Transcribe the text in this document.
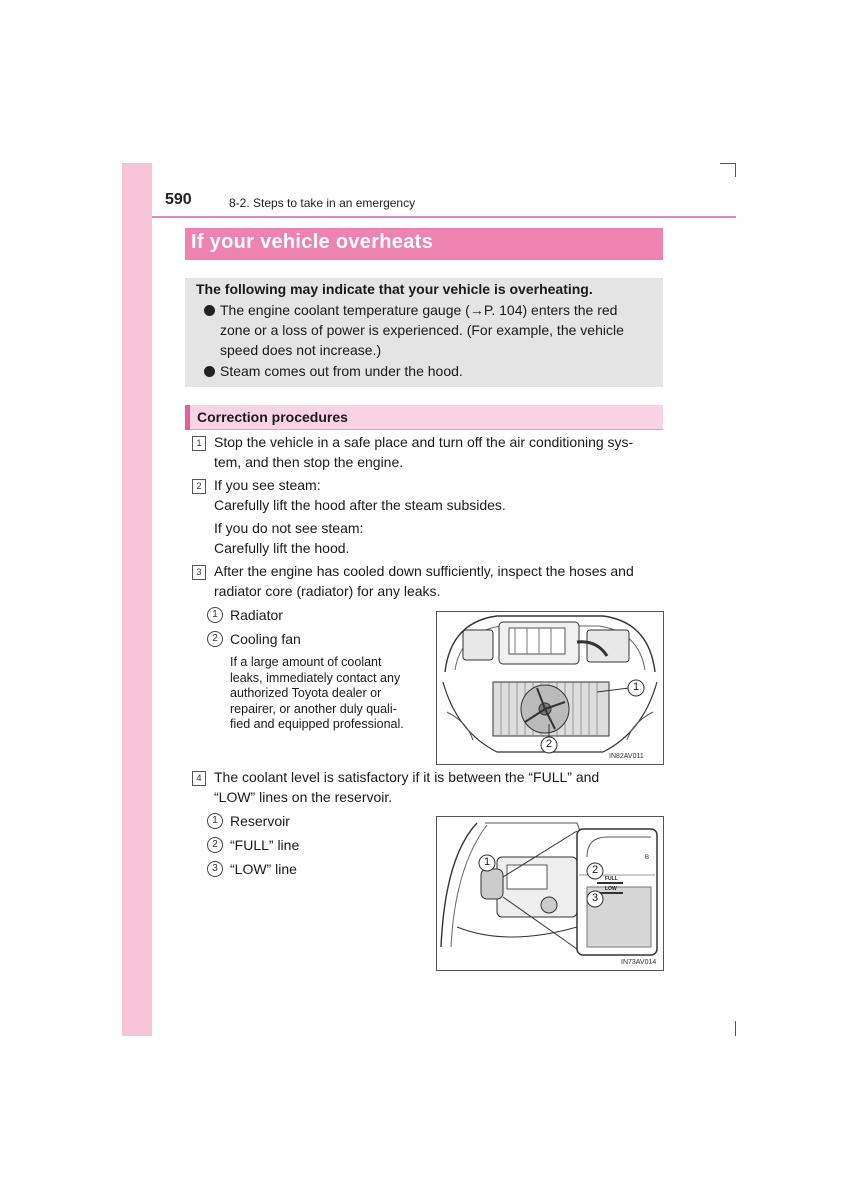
590	8-2. Steps to take in an emergency
If your vehicle overheats
The following may indicate that your vehicle is overheating.
The engine coolant temperature gauge (→P. 104) enters the red
zone or a loss of power is experienced. (For example, the vehicle
speed does not increase.)
Steam comes out from under the hood.
Correction procedures
1 Stop the vehicle in a safe place and turn off the air conditioning sys-
tem, and then stop the engine.
2 If you see steam:
Carefully lift the hood after the steam subsides.
If you do not see steam:
Carefully lift the hood.
3 After the engine has cooled down sufficiently, inspect the hoses and
radiator core (radiator) for any leaks.
1 Radiator
2 Cooling fan
If a large amount of coolant
leaks, immediately contact any
authorized Toyota dealer or
repairer, or another duly quali-
fied and equipped professional.
1
2
IN82AV011
4 The coolant level is satisfactory if it is between the “FULL” and
“LOW” lines on the reservoir.
1 Reservoir
2 “FULL” line
3 “LOW” line	1
2
3
FULL
LOW
B
IN73AV014
